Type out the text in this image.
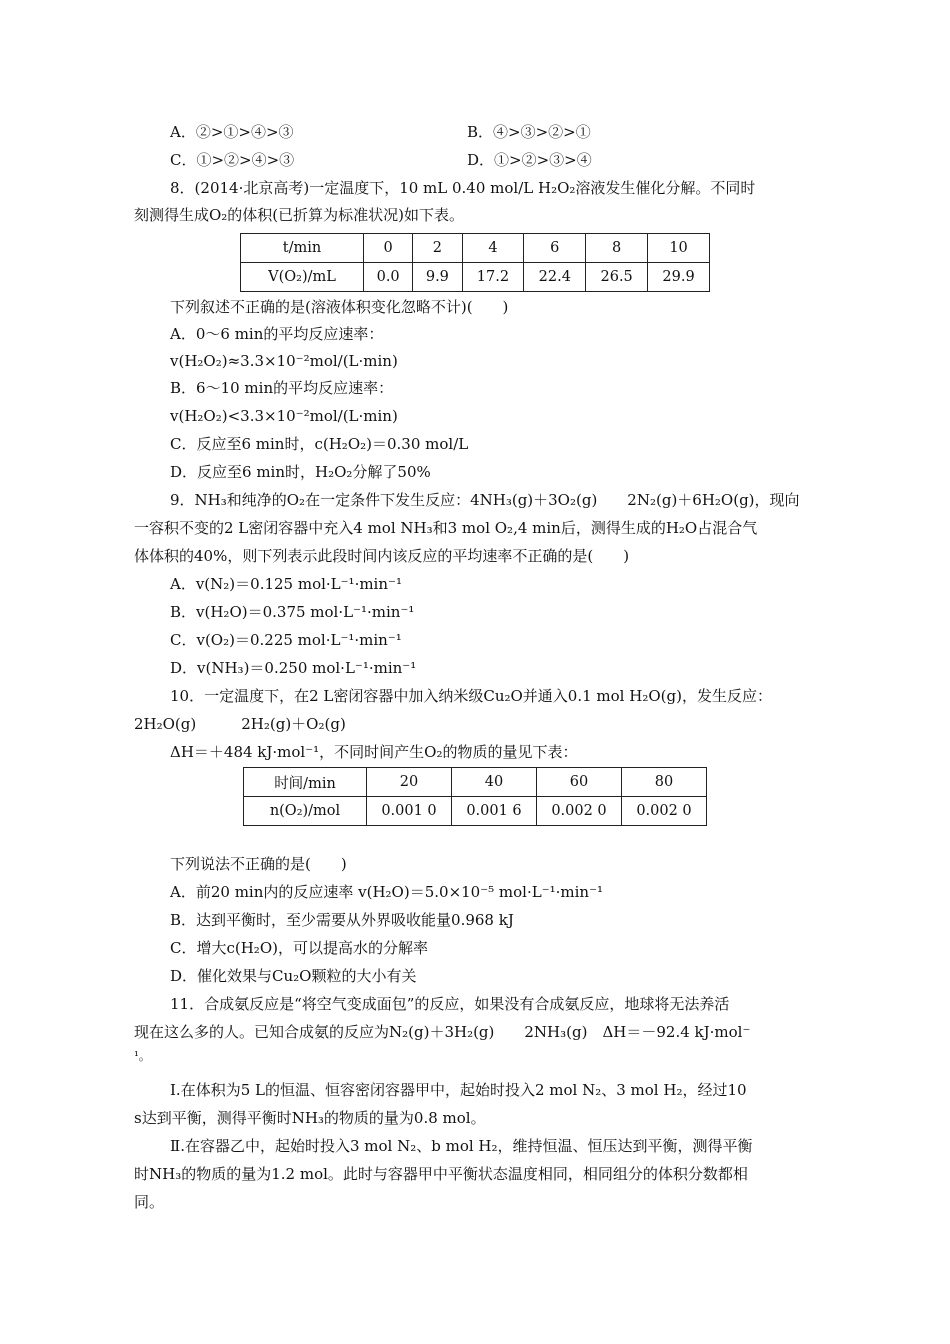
A．②>①>④>③	B．④>③>②>①
C．①>②>④>③	D．①>②>③>④
8．(2014·北京高考)一定温度下，10 mL 0.40 mol/L H₂O₂溶液发生催化分解。不同时
刻测得生成O₂的体积(已折算为标准状况)如下表。
t/min	0	2	4	6	8	10
V(O₂)/mL	0.0	9.9	17.2	22.4	26.5	29.9
下列叙述不正确的是(溶液体积变化忽略不计)(　　)
A．0～6 min的平均反应速率：
v(H₂O₂)≈3.3×10⁻²mol/(L·min)
B．6～10 min的平均反应速率：
v(H₂O₂)<3.3×10⁻²mol/(L·min)
C．反应至6 min时，c(H₂O₂)＝0.30 mol/L
D．反应至6 min时，H₂O₂分解了50%
9．NH₃和纯净的O₂在一定条件下发生反应：4NH₃(g)＋3O₂(g)　　2N₂(g)＋6H₂O(g)，现向
一容积不变的2 L密闭容器中充入4 mol NH₃和3 mol O₂,4 min后，测得生成的H₂O占混合气
体体积的40%，则下列表示此段时间内该反应的平均速率不正确的是(　　)
A．v(N₂)＝0.125 mol·L⁻¹·min⁻¹
B．v(H₂O)＝0.375 mol·L⁻¹·min⁻¹
C．v(O₂)＝0.225 mol·L⁻¹·min⁻¹
D．v(NH₃)＝0.250 mol·L⁻¹·min⁻¹
10．一定温度下，在2 L密闭容器中加入纳米级Cu₂O并通入0.1 mol H₂O(g)，发生反应：
2H₂O(g)　　　2H₂(g)＋O₂(g)
ΔH＝＋484 kJ·mol⁻¹，不同时间产生O₂的物质的量见下表：
时间/min	20	40	60	80
n(O₂)/mol	0.001 0	0.001 6	0.002 0	0.002 0
下列说法不正确的是(　　)
A．前20 min内的反应速率 v(H₂O)＝5.0×10⁻⁵ mol·L⁻¹·min⁻¹
B．达到平衡时，至少需要从外界吸收能量0.968 kJ
C．增大c(H₂O)，可以提高水的分解率
D．催化效果与Cu₂O颗粒的大小有关
11．合成氨反应是“将空气变成面包”的反应，如果没有合成氨反应，地球将无法养活
现在这么多的人。已知合成氨的反应为N₂(g)＋3H₂(g)　　2NH₃(g)　ΔH＝－92.4 kJ·mol⁻
¹。
Ⅰ.在体积为5 L的恒温、恒容密闭容器甲中，起始时投入2 mol N₂、3 mol H₂，经过10
s达到平衡，测得平衡时NH₃的物质的量为0.8 mol。
Ⅱ.在容器乙中，起始时投入3 mol N₂、b mol H₂，维持恒温、恒压达到平衡，测得平衡
时NH₃的物质的量为1.2 mol。此时与容器甲中平衡状态温度相同，相同组分的体积分数都相
同。
